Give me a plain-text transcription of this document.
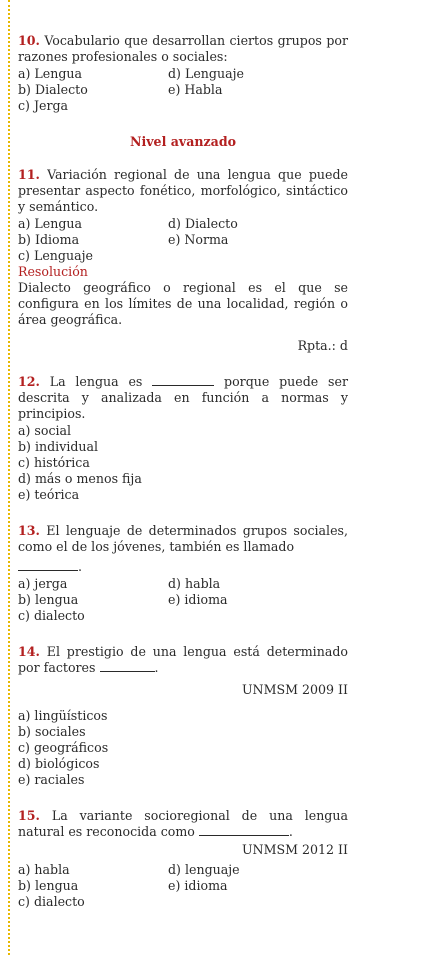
10. Vocabulario que desarrollan ciertos grupos por razones profesionales o sociales:

a) Lengua	d) Lenguaje
b) Dialecto	e) Habla
c) Jerga

Nivel avanzado

11. Variación regional de una lengua que puede presentar aspecto fonético, morfológico, sintáctico y semántico.

a) Lengua	d) Dialecto
b) Idioma	e) Norma
c) Lenguaje

Resolución

Dialecto geográfico o regional es el que se configura en los límites de una localidad, región o área geográfica.

Rpta.: d

12. La lengua es	porque puede ser descrita y analizada en función a normas y principios.

a) social
b) individual
c) histórica
d) más o menos fija
e) teórica

13. El lenguaje de determinados grupos sociales, como el de los jóvenes, también es llamado

.

a) jerga	d) habla
b) lengua	e) idioma
c) dialecto

14. El prestigio de una lengua está determinado por factores	.

UNMSM 2009 II

a) lingüísticos
b) sociales
c) geográficos
d) biológicos
e) raciales

15. La variante socioregional de una lengua natural es reconocida como	.

UNMSM 2012 II

a) habla	d) lenguaje
b) lengua	e) idioma
c) dialecto
